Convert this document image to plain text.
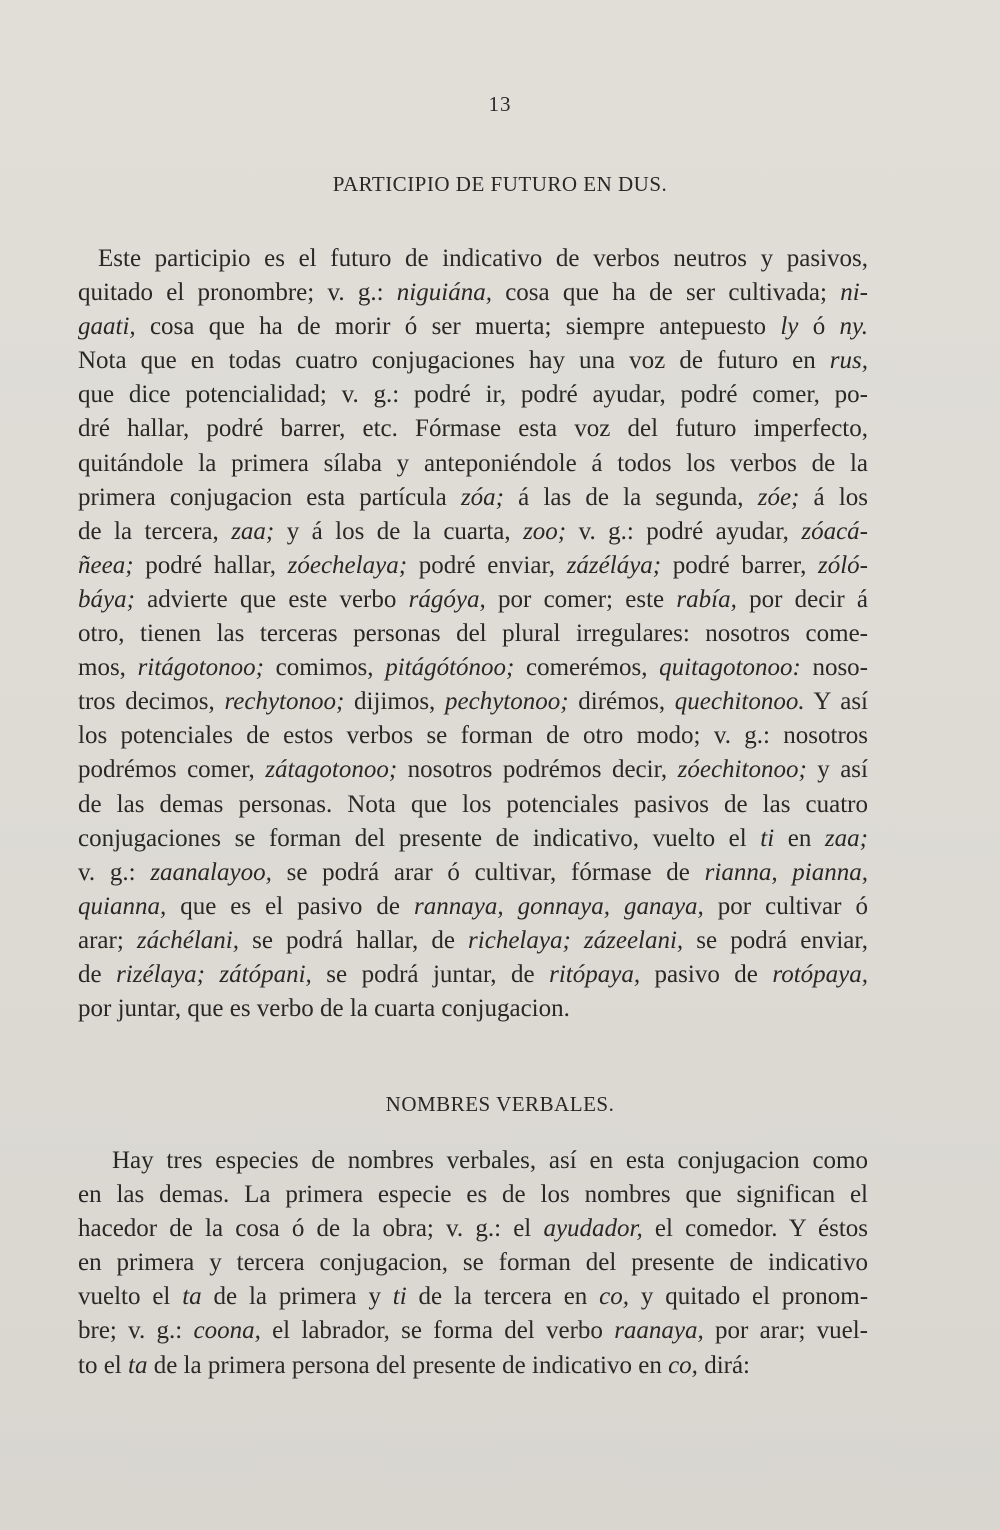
13
PARTICIPIO DE FUTURO EN DUS.
Este participio es el futuro de indicativo de verbos neutros y pasivos,
quitado el pronombre; v. g.: niguiána, cosa que ha de ser cultivada; ni-
gaati, cosa que ha de morir ó ser muerta; siempre antepuesto ly ó ny.
Nota que en todas cuatro conjugaciones hay una voz de futuro en rus,
que dice potencialidad; v. g.: podré ir, podré ayudar, podré comer, po-
dré hallar, podré barrer, etc. Fórmase esta voz del futuro imperfecto,
quitándole la primera sílaba y anteponiéndole á todos los verbos de la
primera conjugacion esta partícula zóa; á las de la segunda, zóe; á los
de la tercera, zaa; y á los de la cuarta, zoo; v. g.: podré ayudar, zóacá-
ñeea; podré hallar, zóechelaya; podré enviar, zázéláya; podré barrer, zóló-
báya; advierte que este verbo rágóya, por comer; este rabía, por decir á
otro, tienen las terceras personas del plural irregulares: nosotros come-
mos, ritágotonoo; comimos, pitágótónoo; comerémos, quitagotonoo: noso-
tros decimos, rechytonoo; dijimos, pechytonoo; dirémos, quechitonoo. Y así
los potenciales de estos verbos se forman de otro modo; v. g.: nosotros
podrémos comer, zátagotonoo; nosotros podrémos decir, zóechitonoo; y así
de las demas personas. Nota que los potenciales pasivos de las cuatro
conjugaciones se forman del presente de indicativo, vuelto el ti en zaa;
v. g.: zaanalayoo, se podrá arar ó cultivar, fórmase de rianna, pianna,
quianna, que es el pasivo de rannaya, gonnaya, ganaya, por cultivar ó
arar; záchélani, se podrá hallar, de richelaya; zázeelani, se podrá enviar,
de rizélaya; zátópani, se podrá juntar, de ritópaya, pasivo de rotópaya,
por juntar, que es verbo de la cuarta conjugacion.
NOMBRES VERBALES.
Hay tres especies de nombres verbales, así en esta conjugacion como
en las demas. La primera especie es de los nombres que significan el
hacedor de la cosa ó de la obra; v. g.: el ayudador, el comedor. Y éstos
en primera y tercera conjugacion, se forman del presente de indicativo
vuelto el ta de la primera y ti de la tercera en co, y quitado el pronom-
bre; v. g.: coona, el labrador, se forma del verbo raanaya, por arar; vuel-
to el ta de la primera persona del presente de indicativo en co, dirá:
